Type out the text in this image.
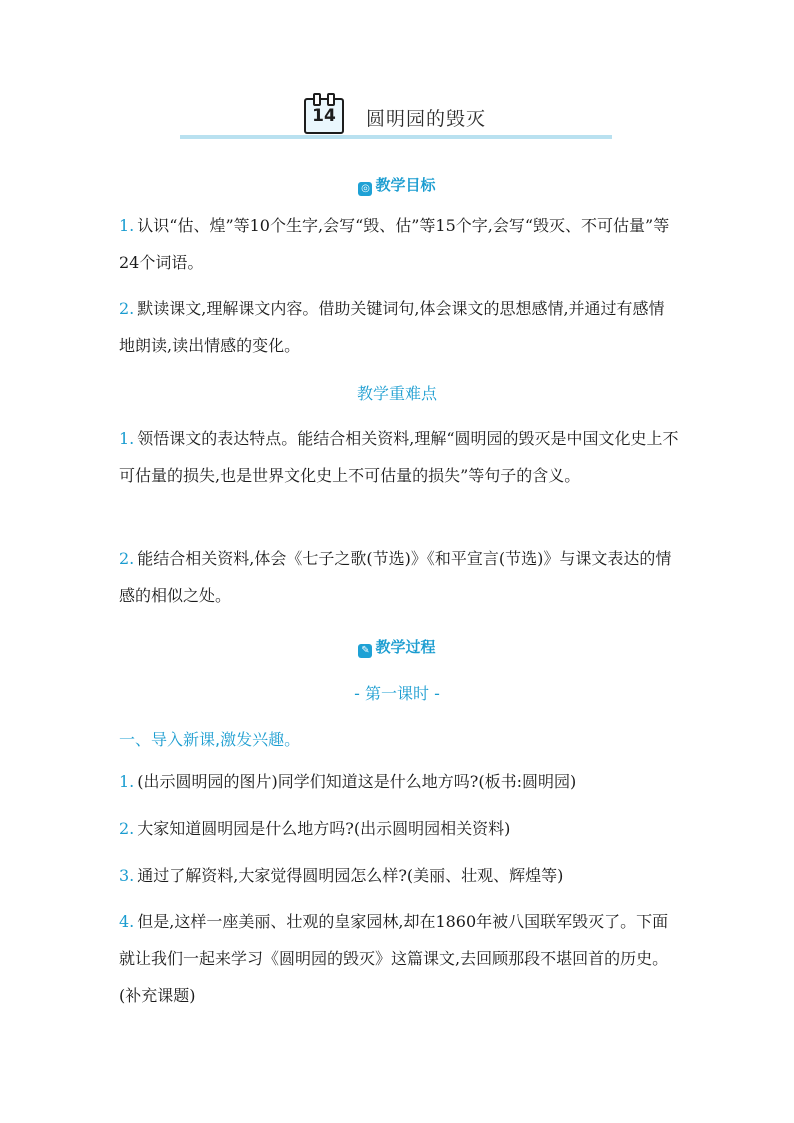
14	圆明园的毁灭
◎ 教学目标

1. 认识“估、煌”等10个生字,会写“毁、估”等15个字,会写“毁灭、不可估量”等24个词语。

2. 默读课文,理解课文内容。借助关键词句,体会课文的思想感情,并通过有感情地朗读,读出情感的变化。

教学重难点

1. 领悟课文的表达特点。能结合相关资料,理解“圆明园的毁灭是中国文化史上不可估量的损失,也是世界文化史上不可估量的损失”等句子的含义。

2. 能结合相关资料,体会《七子之歌(节选)》《和平宣言(节选)》与课文表达的情感的相似之处。

✎ 教学过程
- 第一课时 -
一、导入新课,激发兴趣。

1. (出示圆明园的图片)同学们知道这是什么地方吗?(板书:圆明园)

2. 大家知道圆明园是什么地方吗?(出示圆明园相关资料)

3. 通过了解资料,大家觉得圆明园怎么样?(美丽、壮观、辉煌等)

4. 但是,这样一座美丽、壮观的皇家园林,却在1860年被八国联军毁灭了。下面就让我们一起来学习《圆明园的毁灭》这篇课文,去回顾那段不堪回首的历史。(补充课题)
